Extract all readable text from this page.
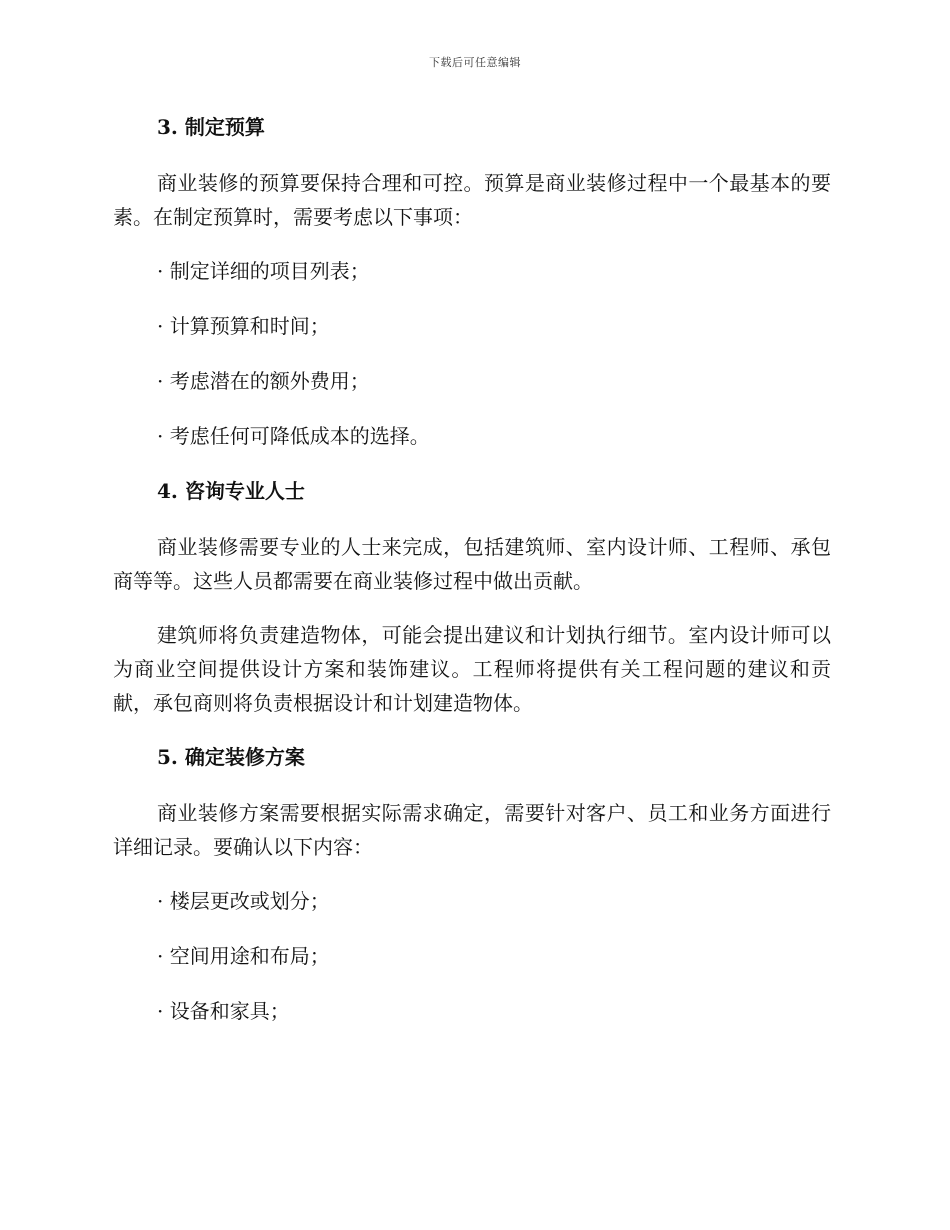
下载后可任意编辑
3. 制定预算
商业装修的预算要保持合理和可控。预算是商业装修过程中一个最基本的要素。在制定预算时，需要考虑以下事项：
· 制定详细的项目列表；
· 计算预算和时间；
· 考虑潜在的额外费用；
· 考虑任何可降低成本的选择。
4. 咨询专业人士
商业装修需要专业的人士来完成，包括建筑师、室内设计师、工程师、承包商等等。这些人员都需要在商业装修过程中做出贡献。
建筑师将负责建造物体，可能会提出建议和计划执行细节。室内设计师可以为商业空间提供设计方案和装饰建议。工程师将提供有关工程问题的建议和贡献，承包商则将负责根据设计和计划建造物体。
5. 确定装修方案
商业装修方案需要根据实际需求确定，需要针对客户、员工和业务方面进行详细记录。要确认以下内容：
· 楼层更改或划分；
· 空间用途和布局；
· 设备和家具；
